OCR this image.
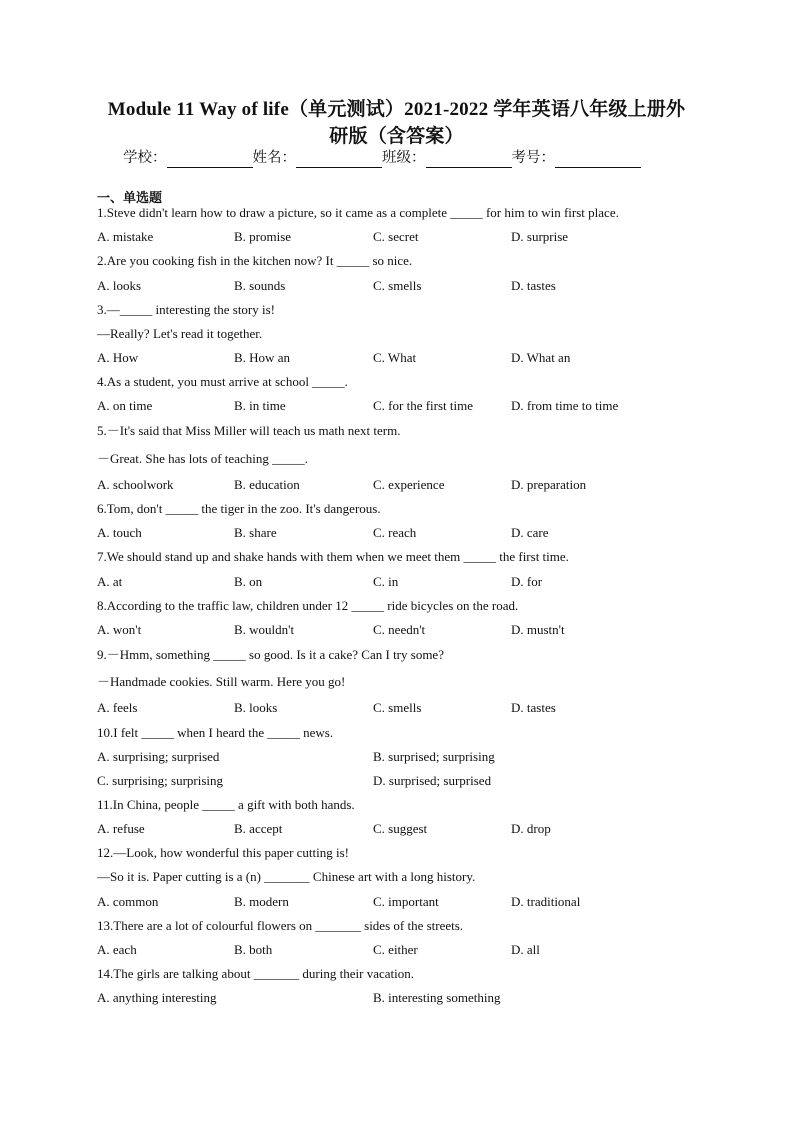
Module 11 Way of life（单元测试）2021-2022 学年英语八年级上册外
研版（含答案）
学校：	姓名：	班级：	考号：
一、单选题
1.Steve didn't learn how to draw a picture, so it came as a complete _____ for him to win first place.
A. mistake	B. promise	C. secret	D. surprise
2.Are you cooking fish in the kitchen now? It _____ so nice.
A. looks	B. sounds	C. smells	D. tastes
3.—_____ interesting the story is!
—Really? Let's read it together.
A. How	B. How an	C. What	D. What an
4.As a student, you must arrive at school _____.
A. on time	B. in time	C. for the first time	D. from time to time
5.－It's said that Miss Miller will teach us math next term.
－Great. She has lots of teaching _____.
A. schoolwork	B. education	C. experience	D. preparation
6.Tom, don't _____ the tiger in the zoo. It's dangerous.
A. touch	B. share	C. reach	D. care
7.We should stand up and shake hands with them when we meet them _____ the first time.
A. at	B. on	C. in	D. for
8.According to the traffic law, children under 12 _____ ride bicycles on the road.
A. won't	B. wouldn't	C. needn't	D. mustn't
9.－Hmm, something _____ so good. Is it a cake? Can I try some?
－Handmade cookies. Still warm. Here you go!
A. feels	B. looks	C. smells	D. tastes
10.I felt _____ when I heard the _____ news.
A. surprising; surprised	B. surprised; surprising
C. surprising; surprising	D. surprised; surprised
11.In China, people _____ a gift with both hands.
A. refuse	B. accept	C. suggest	D. drop
12.—Look, how wonderful this paper cutting is!
—So it is. Paper cutting is a (n) _______ Chinese art with a long history.
A. common	B. modern	C. important	D. traditional
13.There are a lot of colourful flowers on _______ sides of the streets.
A. each	B. both	C. either	D. all
14.The girls are talking about _______ during their vacation.
A. anything interesting	B. interesting something
